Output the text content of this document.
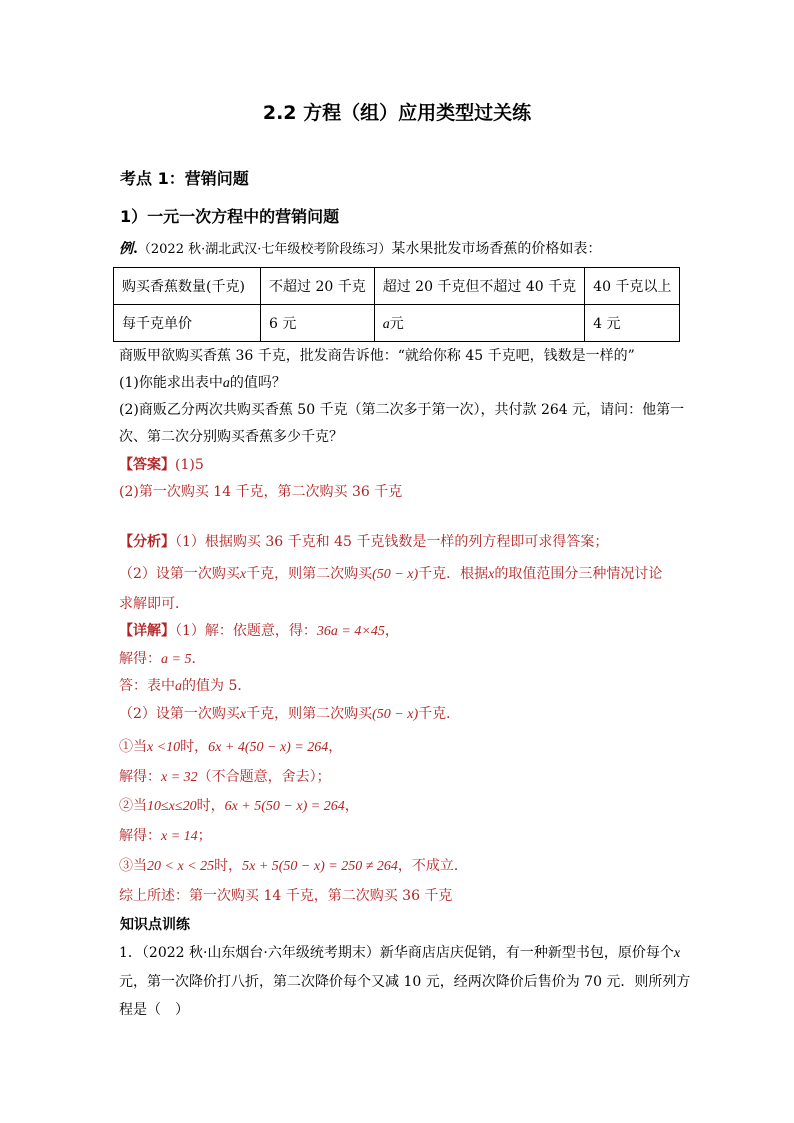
2.2 方程（组）应用类型过关练
考点 1：营销问题
1）一元一次方程中的营销问题
例.（2022 秋·湖北武汉·七年级校考阶段练习）某水果批发市场香蕉的价格如表：
购买香蕉数量(千克)	不超过 20 千克	超过 20 千克但不超过 40 千克	40 千克以上
每千克单价	6 元	a元	4 元
商贩甲欲购买香蕉 36 千克，批发商告诉他：“就给你称 45 千克吧，钱数是一样的”
(1)你能求出表中a的值吗？
(2)商贩乙分两次共购买香蕉 50 千克（第二次多于第一次），共付款 264 元，请问：他第一
次、第二次分别购买香蕉多少千克？
【答案】(1)5
(2)第一次购买 14 千克，第二次购买 36 千克
【分析】（1）根据购买 36 千克和 45 千克钱数是一样的列方程即可求得答案；
（2）设第一次购买x千克，则第二次购买(50 − x)千克．根据x的取值范围分三种情况讨论
求解即可．
【详解】（1）解：依题意，得：36a = 4×45，
解得：a = 5．
答：表中a的值为 5．
（2）设第一次购买x千克，则第二次购买(50 − x)千克．
①当x <10时，6x + 4(50 − x) = 264，
解得：x = 32（不合题意，舍去）；
②当10≤x≤20时，6x + 5(50 − x) = 264，
解得：x = 14；
③当20 < x < 25时，5x + 5(50 − x) = 250 ≠ 264，不成立．
综上所述：第一次购买 14 千克，第二次购买 36 千克
知识点训练
1．（2022 秋·山东烟台·六年级统考期末）新华商店店庆促销，有一种新型书包，原价每个x
元，第一次降价打八折，第二次降价每个又减 10 元，经两次降价后售价为 70 元．则所列方
程是（　）
